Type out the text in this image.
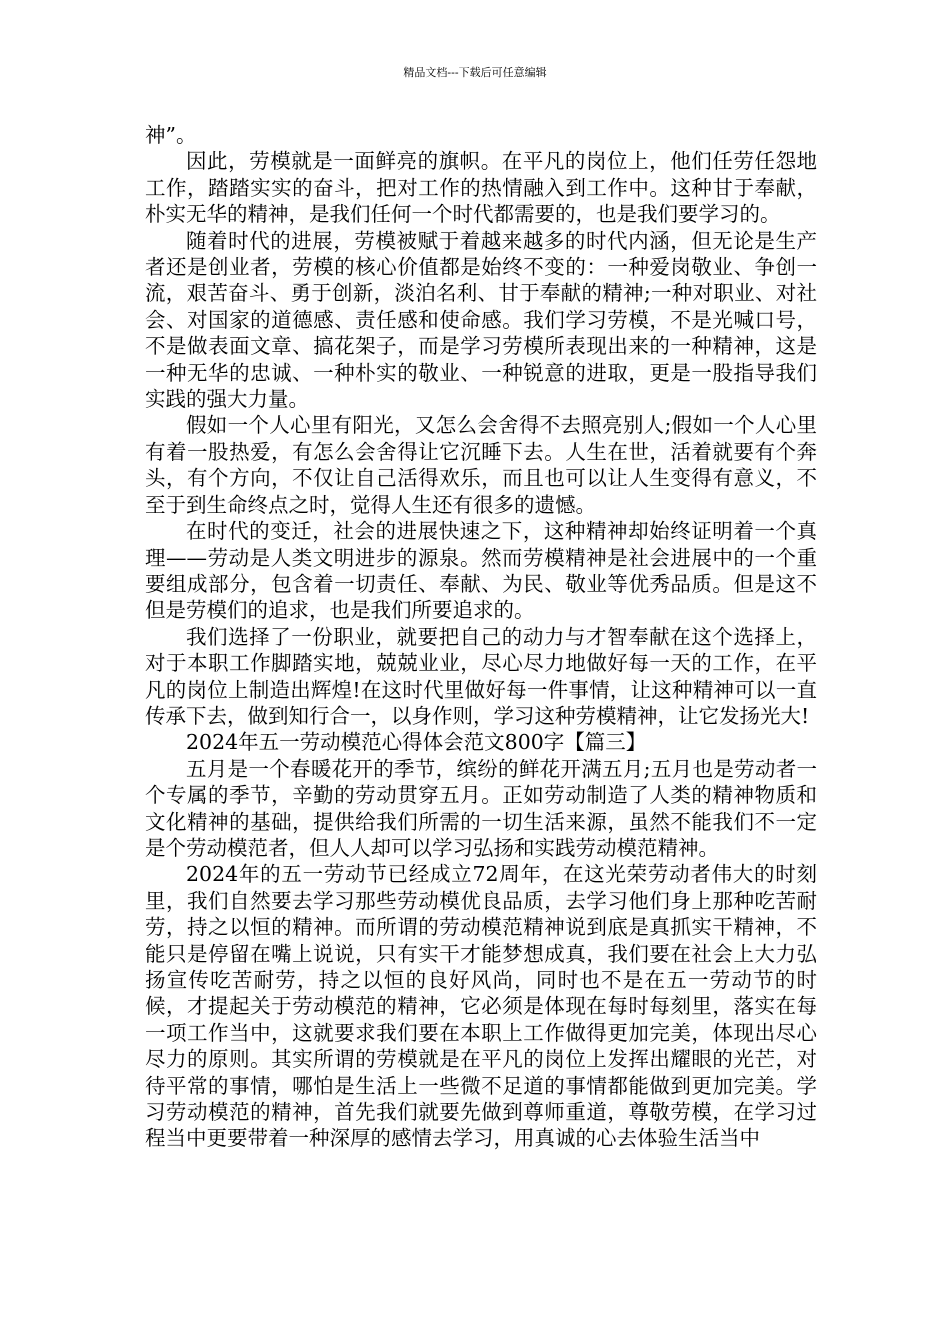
精品文档---下载后可任意编辑

神”。

因此，劳模就是一面鲜亮的旗帜。在平凡的岗位上，他们任劳任怨地工作，踏踏实实的奋斗，把对工作的热情融入到工作中。这种甘于奉献，朴实无华的精神，是我们任何一个时代都需要的，也是我们要学习的。

随着时代的进展，劳模被赋于着越来越多的时代内涵，但无论是生产者还是创业者，劳模的核心价值都是始终不变的：一种爱岗敬业、争创一流，艰苦奋斗、勇于创新，淡泊名利、甘于奉献的精神;一种对职业、对社会、对国家的道德感、责任感和使命感。我们学习劳模，不是光喊口号，不是做表面文章、搞花架子，而是学习劳模所表现出来的一种精神，这是一种无华的忠诚、一种朴实的敬业、一种锐意的进取，更是一股指导我们实践的强大力量。

假如一个人心里有阳光，又怎么会舍得不去照亮别人;假如一个人心里有着一股热爱，有怎么会舍得让它沉睡下去。人生在世，活着就要有个奔头，有个方向，不仅让自己活得欢乐，而且也可以让人生变得有意义，不至于到生命终点之时，觉得人生还有很多的遗憾。

在时代的变迁，社会的进展快速之下，这种精神却始终证明着一个真理——劳动是人类文明进步的源泉。然而劳模精神是社会进展中的一个重要组成部分，包含着一切责任、奉献、为民、敬业等优秀品质。但是这不但是劳模们的追求，也是我们所要追求的。

我们选择了一份职业，就要把自己的动力与才智奉献在这个选择上，对于本职工作脚踏实地，兢兢业业，尽心尽力地做好每一天的工作，在平凡的岗位上制造出辉煌!在这时代里做好每一件事情，让这种精神可以一直传承下去，做到知行合一，以身作则，学习这种劳模精神，让它发扬光大!

2024年五一劳动模范心得体会范文800字【篇三】

五月是一个春暖花开的季节，缤纷的鲜花开满五月;五月也是劳动者一个专属的季节，辛勤的劳动贯穿五月。正如劳动制造了人类的精神物质和文化精神的基础，提供给我们所需的一切生活来源，虽然不能我们不一定是个劳动模范者，但人人却可以学习弘扬和实践劳动模范精神。

2024年的五一劳动节已经成立72周年，在这光荣劳动者伟大的时刻里，我们自然要去学习那些劳动模优良品质，去学习他们身上那种吃苦耐劳，持之以恒的精神。而所谓的劳动模范精神说到底是真抓实干精神，不能只是停留在嘴上说说，只有实干才能梦想成真，我们要在社会上大力弘扬宣传吃苦耐劳，持之以恒的良好风尚，同时也不是在五一劳动节的时候，才提起关于劳动模范的精神，它必须是体现在每时每刻里，落实在每一项工作当中，这就要求我们要在本职上工作做得更加完美，体现出尽心尽力的原则。其实所谓的劳模就是在平凡的岗位上发挥出耀眼的光芒，对待平常的事情，哪怕是生活上一些微不足道的事情都能做到更加完美。学习劳动模范的精神，首先我们就要先做到尊师重道，尊敬劳模，在学习过程当中更要带着一种深厚的感情去学习，用真诚的心去体验生活当中
